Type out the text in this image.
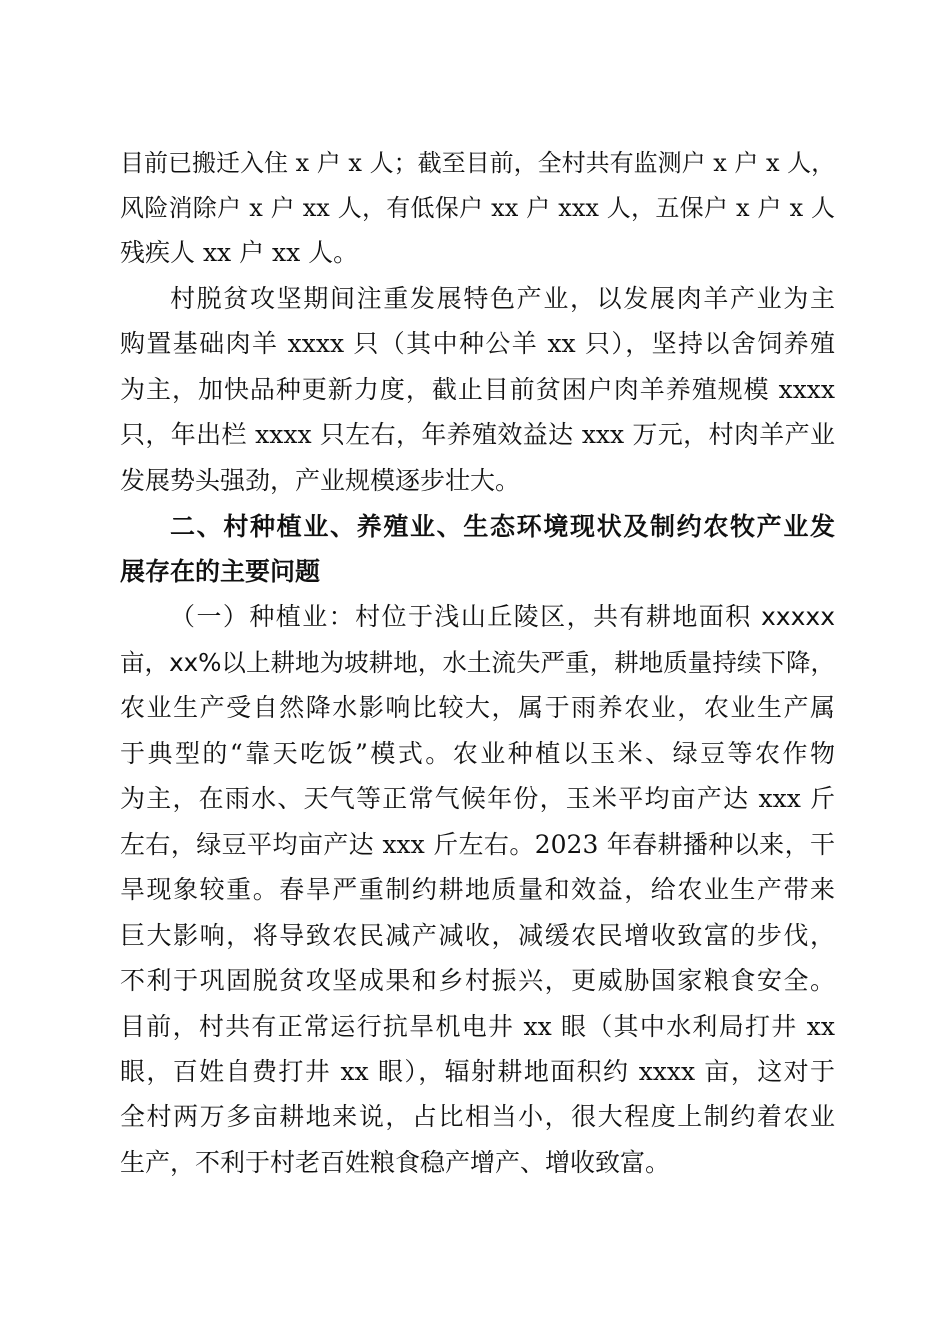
目前已搬迁入住 x 户 x 人；截至目前，全村共有监测户 x 户 x 人，
风险消除户 x 户 xx 人，有低保户 xx 户 xxx 人，五保户 x 户 x 人
残疾人 xx 户 xx 人。
村脱贫攻坚期间注重发展特色产业，以发展肉羊产业为主
购置基础肉羊 xxxx 只（其中种公羊 xx 只），坚持以舍饲养殖
为主，加快品种更新力度，截止目前贫困户肉羊养殖规模 xxxx
只，年出栏 xxxx 只左右，年养殖效益达 xxx 万元，村肉羊产业
发展势头强劲，产业规模逐步壮大。
二、村种植业、养殖业、生态环境现状及制约农牧产业发
展存在的主要问题
（一）种植业：村位于浅山丘陵区，共有耕地面积 xxxxx
亩，xx%以上耕地为坡耕地，水土流失严重，耕地质量持续下降，
农业生产受自然降水影响比较大，属于雨养农业，农业生产属
于典型的“靠天吃饭”模式。农业种植以玉米、绿豆等农作物
为主，在雨水、天气等正常气候年份，玉米平均亩产达 xxx 斤
左右，绿豆平均亩产达 xxx 斤左右。2023 年春耕播种以来，干
旱现象较重。春旱严重制约耕地质量和效益，给农业生产带来
巨大影响，将导致农民减产减收，减缓农民增收致富的步伐，
不利于巩固脱贫攻坚成果和乡村振兴，更威胁国家粮食安全。
目前，村共有正常运行抗旱机电井 xx 眼（其中水利局打井 xx
眼，百姓自费打井 xx 眼），辐射耕地面积约 xxxx 亩，这对于
全村两万多亩耕地来说，占比相当小，很大程度上制约着农业
生产，不利于村老百姓粮食稳产增产、增收致富。
